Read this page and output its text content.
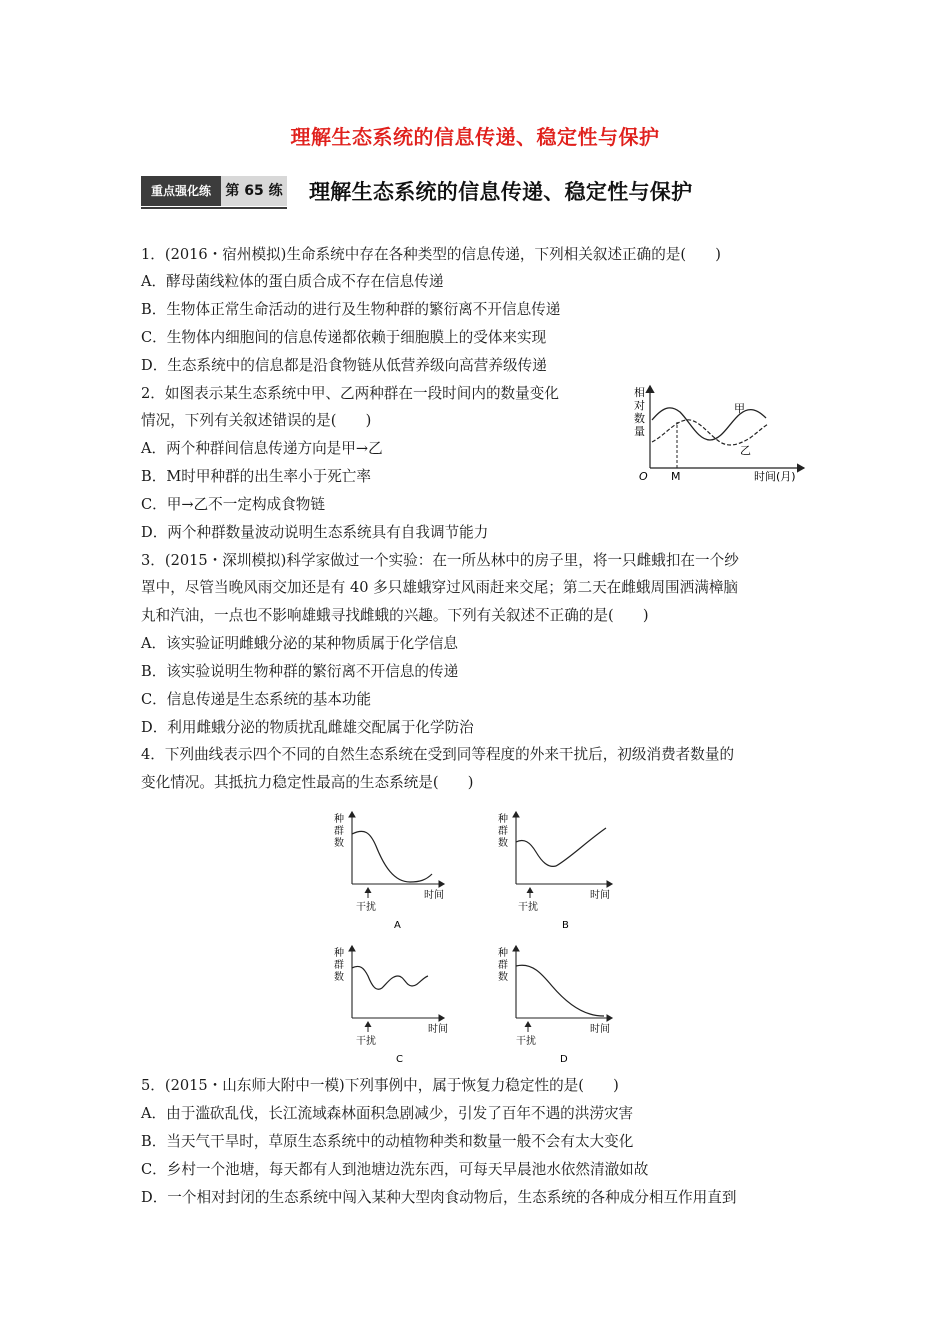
理解生态系统的信息传递、稳定性与保护
重点强化练	第 65 练 理解生态系统的信息传递、稳定性与保护
1．(2016・宿州模拟)生命系统中存在各种类型的信息传递，下列相关叙述正确的是(　　)
A．酵母菌线粒体的蛋白质合成不存在信息传递
B．生物体正常生命活动的进行及生物种群的繁衍离不开信息传递
C．生物体内细胞间的信息传递都依赖于细胞膜上的受体来实现
D．生态系统中的信息都是沿食物链从低营养级向高营养级传递
2．如图表示某生态系统中甲、乙两种群在一段时间内的数量变化
情况，下列有关叙述错误的是(　　)
A．两个种群间信息传递方向是甲→乙
B．M时甲种群的出生率小于死亡率
C．甲→乙不一定构成食物链
D．两个种群数量波动说明生态系统具有自我调节能力
相
对
数
量
O M	时间(月)
甲
乙
3．(2015・深圳模拟)科学家做过一个实验：在一所丛林中的房子里，将一只雌蛾扣在一个纱
罩中，尽管当晚风雨交加还是有 40 多只雄蛾穿过风雨赶来交尾；第二天在雌蛾周围洒满樟脑
丸和汽油，一点也不影响雄蛾寻找雌蛾的兴趣。下列有关叙述不正确的是(　　)
A．该实验证明雌蛾分泌的某种物质属于化学信息
B．该实验说明生物种群的繁衍离不开信息的传递
C．信息传递是生态系统的基本功能
D．利用雌蛾分泌的物质扰乱雌雄交配属于化学防治
4．下列曲线表示四个不同的自然生态系统在受到同等程度的外来干扰后，初级消费者数量的
变化情况。其抵抗力稳定性最高的生态系统是(　　)
种
群
数
干扰
时间
A
种
群
数
干扰
时间
B
种
群
数
干扰
时间
C
种
群
数
干扰
时间
D
5．(2015・山东师大附中一模)下列事例中，属于恢复力稳定性的是(　　)
A．由于滥砍乱伐，长江流域森林面积急剧减少，引发了百年不遇的洪涝灾害
B．当天气干旱时，草原生态系统中的动植物种类和数量一般不会有太大变化
C．乡村一个池塘，每天都有人到池塘边洗东西，可每天早晨池水依然清澈如故
D．一个相对封闭的生态系统中闯入某种大型肉食动物后，生态系统的各种成分相互作用直到
